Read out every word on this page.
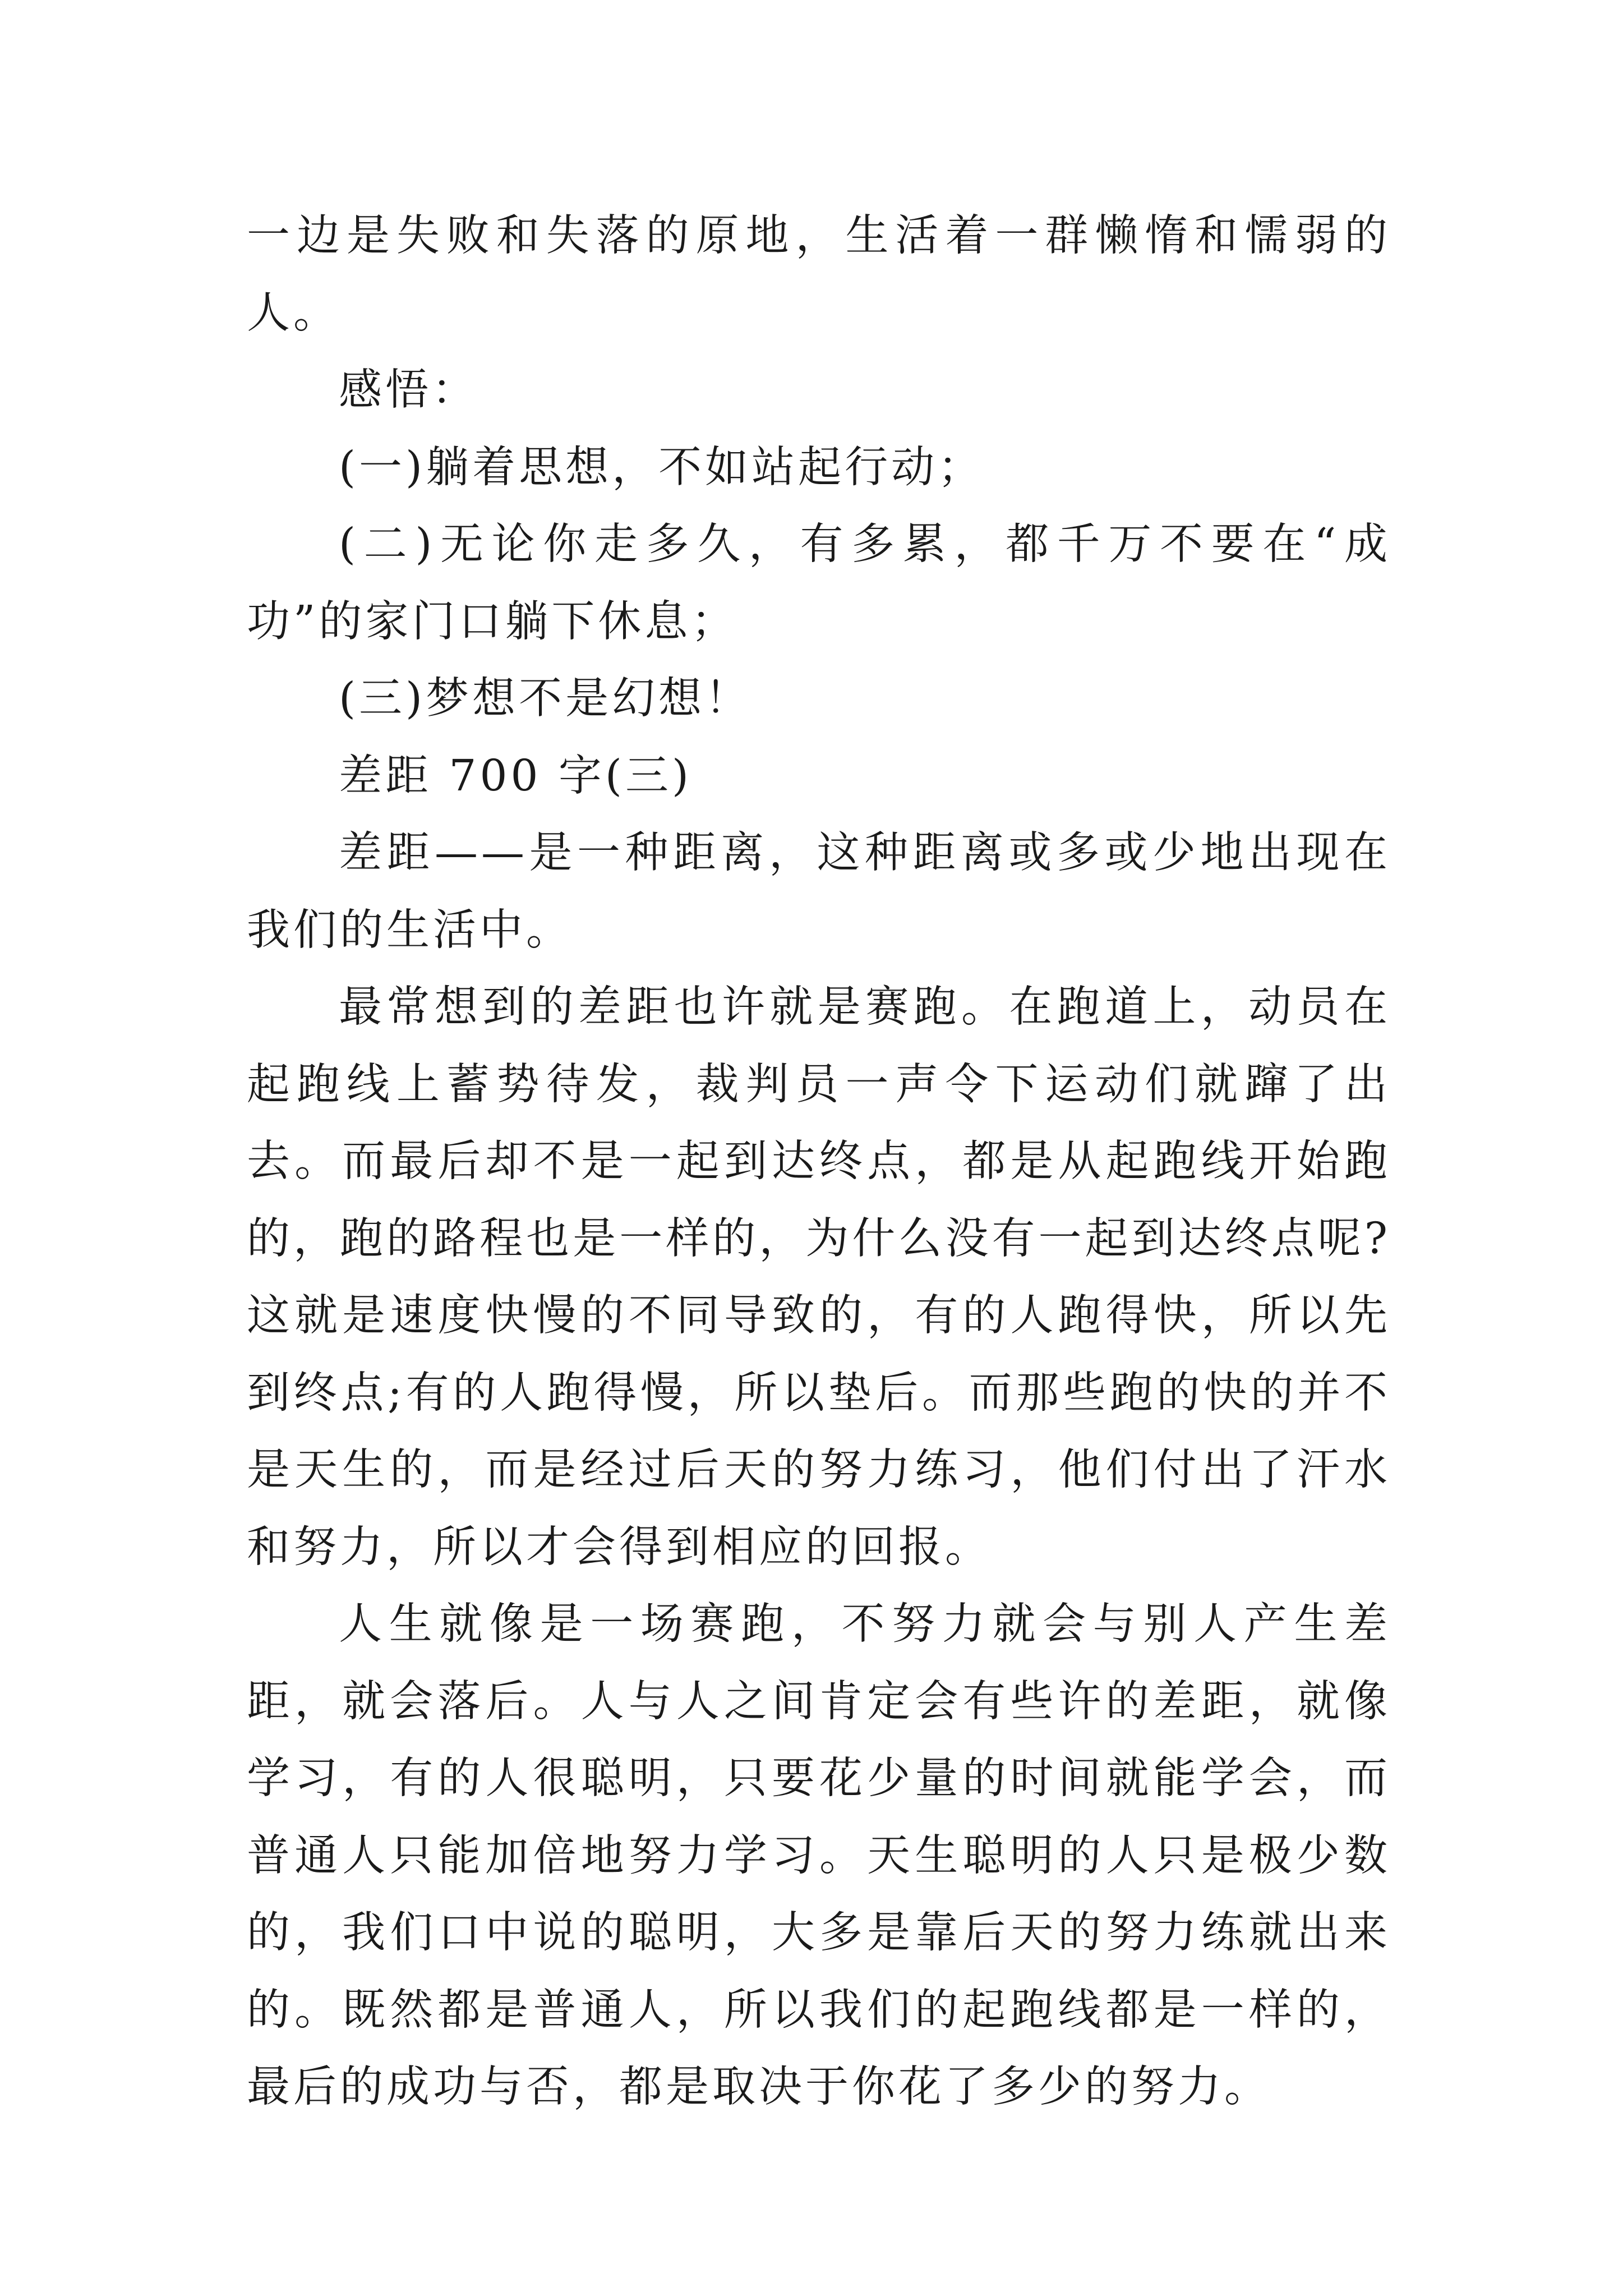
一边是失败和失落的原地，生活着一群懒惰和懦弱的人。

感悟：

(一)躺着思想，不如站起行动；

(二)无论你走多久，有多累，都千万不要在“成功”的家门口躺下休息；

(三)梦想不是幻想！

差距 700 字(三)

差距——是一种距离，这种距离或多或少地出现在我们的生活中。

最常想到的差距也许就是赛跑。在跑道上，动员在起跑线上蓄势待发，裁判员一声令下运动们就蹿了出去。而最后却不是一起到达终点，都是从起跑线开始跑的，跑的路程也是一样的，为什么没有一起到达终点呢?这就是速度快慢的不同导致的，有的人跑得快，所以先到终点;有的人跑得慢，所以垫后。而那些跑的快的并不是天生的，而是经过后天的努力练习，他们付出了汗水和努力，所以才会得到相应的回报。

人生就像是一场赛跑，不努力就会与别人产生差距，就会落后。人与人之间肯定会有些许的差距，就像学习，有的人很聪明，只要花少量的时间就能学会，而普通人只能加倍地努力学习。天生聪明的人只是极少数的，我们口中说的聪明，大多是靠后天的努力练就出来的。既然都是普通人，所以我们的起跑线都是一样的，最后的成功与否，都是取决于你花了多少的努力。
